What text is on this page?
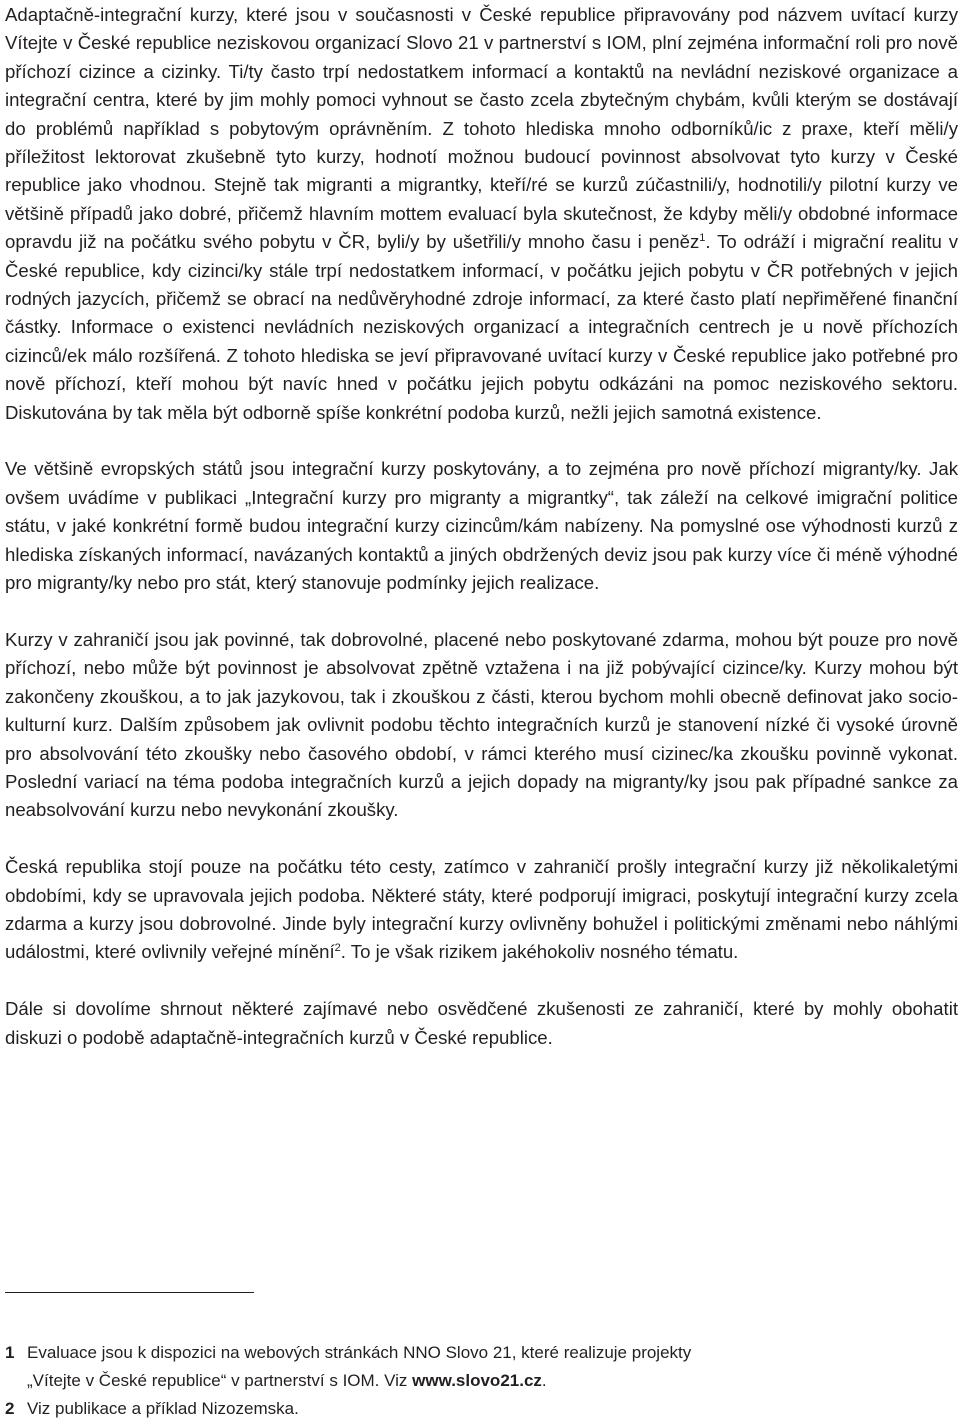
Adaptačně-integrační kurzy, které jsou v současnosti v České republice připravovány pod názvem uvítací kurzy Vítejte v České republice neziskovou organizací Slovo 21 v partnerství s IOM, plní zejména informační roli pro nově příchozí cizince a cizinky. Ti/ty často trpí nedostatkem informací a kontaktů na nevládní neziskové organizace a integrační centra, které by jim mohly pomoci vyhnout se často zcela zbytečným chybám, kvůli kterým se dostávají do problémů například s pobytovým oprávněním. Z tohoto hlediska mnoho odborníků/ic z praxe, kteří měli/y příležitost lektorovat zkušebně tyto kurzy, hodnotí možnou budoucí povinnost absolvovat tyto kurzy v České republice jako vhodnou. Stejně tak migranti a migrantky, kteří/ré se kurzů zúčastnili/y, hodnotili/y pilotní kurzy ve většině případů jako dobré, přičemž hlavním mottem evaluací byla skutečnost, že kdyby měli/y obdobné informace opravdu již na počátku svého pobytu v ČR, byli/y by ušetřili/y mnoho času i peněz$^1$. To odráží i migrační realitu v České republice, kdy cizinci/ky stále trpí nedostatkem informací, v počátku jejich pobytu v ČR potřebných v jejich rodných jazycích, přičemž se obrací na nedůvěryhodné zdroje informací, za které často platí nepřiměřené finanční částky. Informace o existenci nevládních neziskových organizací a integračních centrech je u nově příchozích cizinců/ek málo rozšířená. Z tohoto hlediska se jeví připravované uvítací kurzy v České republice jako potřebné pro nově příchozí, kteří mohou být navíc hned v počátku jejich pobytu odkázáni na pomoc neziskového sektoru. Diskutována by tak měla být odborně spíše konkrétní podoba kurzů, nežli jejich samotná existence.

Ve většině evropských států jsou integrační kurzy poskytovány, a to zejména pro nově příchozí migranty/ky. Jak ovšem uvádíme v publikaci „Integrační kurzy pro migranty a migrantky“, tak záleží na celkové imigrační politice státu, v jaké konkrétní formě budou integrační kurzy cizincům/kám nabízeny. Na pomyslné ose výhodnosti kurzů z hlediska získaných informací, navázaných kontaktů a jiných obdržených deviz jsou pak kurzy více či méně výhodné pro migranty/ky nebo pro stát, který stanovuje podmínky jejich realizace.

Kurzy v zahraničí jsou jak povinné, tak dobrovolné, placené nebo poskytované zdarma, mohou být pouze pro nově příchozí, nebo může být povinnost je absolvovat zpětně vztažena i na již pobývající cizince/ky. Kurzy mohou být zakončeny zkouškou, a to jak jazykovou, tak i zkouškou z části, kterou bychom mohli obecně definovat jako socio-kulturní kurz. Dalším způsobem jak ovlivnit podobu těchto integračních kurzů je stanovení nízké či vysoké úrovně pro absolvování této zkoušky nebo časového období, v rámci kterého musí cizinec/ka zkoušku povinně vykonat. Poslední variací na téma podoba integračních kurzů a jejich dopady na migranty/ky jsou pak případné sankce za neabsolvování kurzu nebo nevykonání zkoušky.

Česká republika stojí pouze na počátku této cesty, zatímco v zahraničí prošly integrační kurzy již několikaletými obdobími, kdy se upravovala jejich podoba. Některé státy, které podporují imigraci, poskytují integrační kurzy zcela zdarma a kurzy jsou dobrovolné. Jinde byly integrační kurzy ovlivněny bohužel i politickými změnami nebo náhlými událostmi, které ovlivnily veřejné mínění$^2$. To je však rizikem jakéhokoliv nosného tématu.

Dále si dovolíme shrnout některé zajímavé nebo osvědčené zkušenosti ze zahraničí, které by mohly obohatit diskuzi o podobě adaptačně-integračních kurzů v České republice.

1 Evaluace jsou k dispozici na webových stránkách NNO Slovo 21, které realizuje projekty
„Vítejte v České republice“ v partnerství s IOM. Viz www.slovo21.cz.

2 Viz publikace a příklad Nizozemska.
